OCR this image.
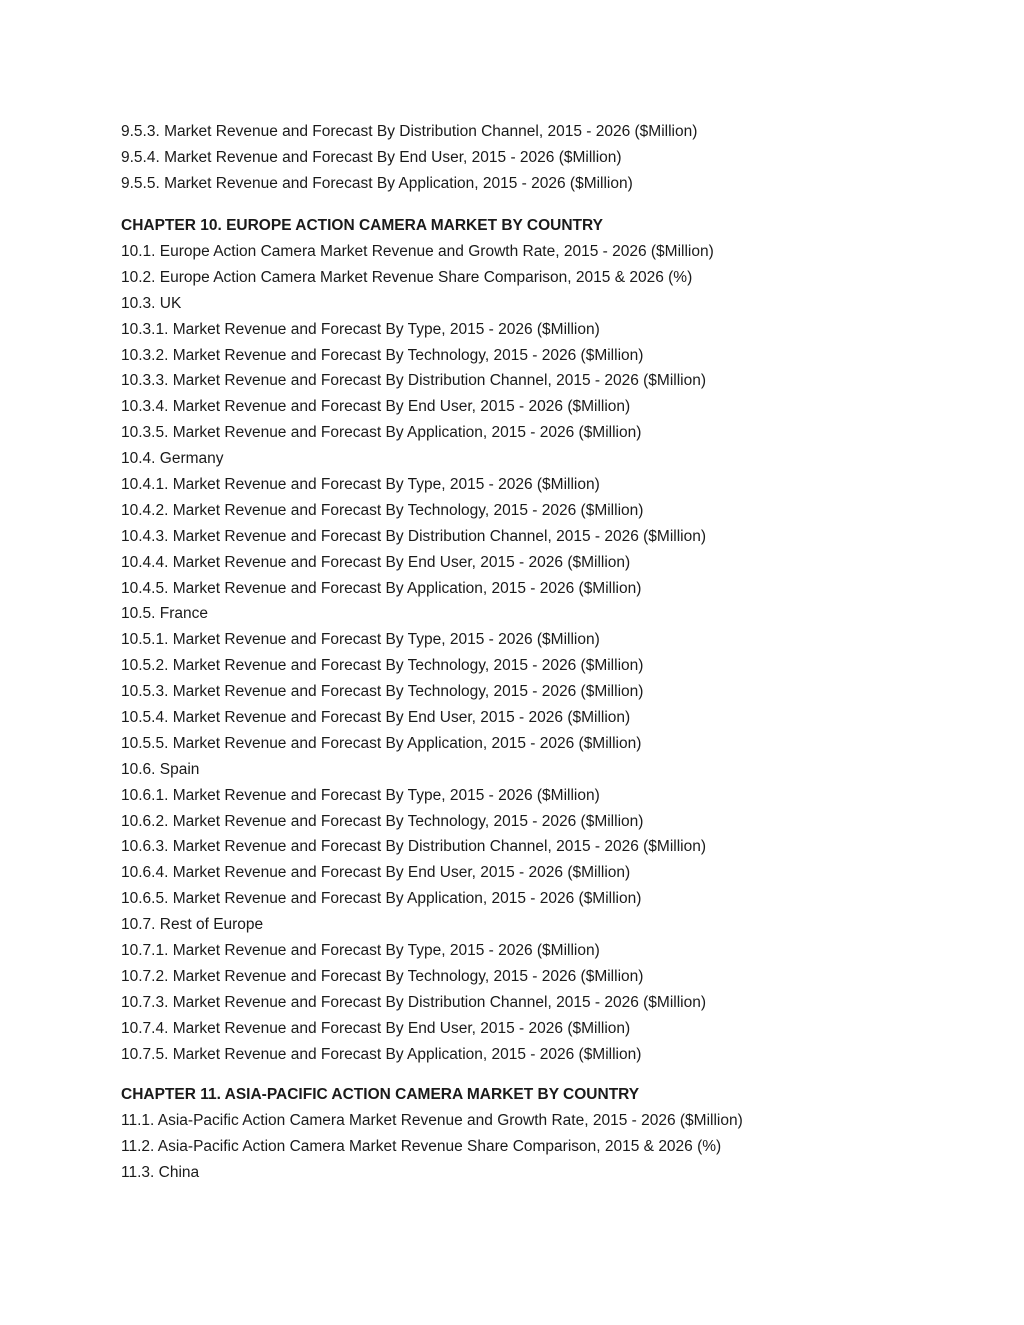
9.5.3. Market Revenue and Forecast By Distribution Channel, 2015 - 2026 ($Million)
9.5.4. Market Revenue and Forecast By End User, 2015 - 2026 ($Million)
9.5.5. Market Revenue and Forecast By Application, 2015 - 2026 ($Million)
CHAPTER 10. EUROPE ACTION CAMERA MARKET BY COUNTRY
10.1. Europe Action Camera Market Revenue and Growth Rate, 2015 - 2026 ($Million)
10.2. Europe Action Camera Market Revenue Share Comparison, 2015 & 2026 (%)
10.3. UK
10.3.1. Market Revenue and Forecast By Type, 2015 - 2026 ($Million)
10.3.2. Market Revenue and Forecast By Technology, 2015 - 2026 ($Million)
10.3.3. Market Revenue and Forecast By Distribution Channel, 2015 - 2026 ($Million)
10.3.4. Market Revenue and Forecast By End User, 2015 - 2026 ($Million)
10.3.5. Market Revenue and Forecast By Application, 2015 - 2026 ($Million)
10.4. Germany
10.4.1. Market Revenue and Forecast By Type, 2015 - 2026 ($Million)
10.4.2. Market Revenue and Forecast By Technology, 2015 - 2026 ($Million)
10.4.3. Market Revenue and Forecast By Distribution Channel, 2015 - 2026 ($Million)
10.4.4. Market Revenue and Forecast By End User, 2015 - 2026 ($Million)
10.4.5. Market Revenue and Forecast By Application, 2015 - 2026 ($Million)
10.5. France
10.5.1. Market Revenue and Forecast By Type, 2015 - 2026 ($Million)
10.5.2. Market Revenue and Forecast By Technology, 2015 - 2026 ($Million)
10.5.3. Market Revenue and Forecast By Technology, 2015 - 2026 ($Million)
10.5.4. Market Revenue and Forecast By End User, 2015 - 2026 ($Million)
10.5.5. Market Revenue and Forecast By Application, 2015 - 2026 ($Million)
10.6. Spain
10.6.1. Market Revenue and Forecast By Type, 2015 - 2026 ($Million)
10.6.2. Market Revenue and Forecast By Technology, 2015 - 2026 ($Million)
10.6.3. Market Revenue and Forecast By Distribution Channel, 2015 - 2026 ($Million)
10.6.4. Market Revenue and Forecast By End User, 2015 - 2026 ($Million)
10.6.5. Market Revenue and Forecast By Application, 2015 - 2026 ($Million)
10.7. Rest of Europe
10.7.1. Market Revenue and Forecast By Type, 2015 - 2026 ($Million)
10.7.2. Market Revenue and Forecast By Technology, 2015 - 2026 ($Million)
10.7.3. Market Revenue and Forecast By Distribution Channel, 2015 - 2026 ($Million)
10.7.4. Market Revenue and Forecast By End User, 2015 - 2026 ($Million)
10.7.5. Market Revenue and Forecast By Application, 2015 - 2026 ($Million)
CHAPTER 11. ASIA-PACIFIC ACTION CAMERA MARKET BY COUNTRY
11.1. Asia-Pacific Action Camera Market Revenue and Growth Rate, 2015 - 2026 ($Million)
11.2. Asia-Pacific Action Camera Market Revenue Share Comparison, 2015 & 2026 (%)
11.3. China
